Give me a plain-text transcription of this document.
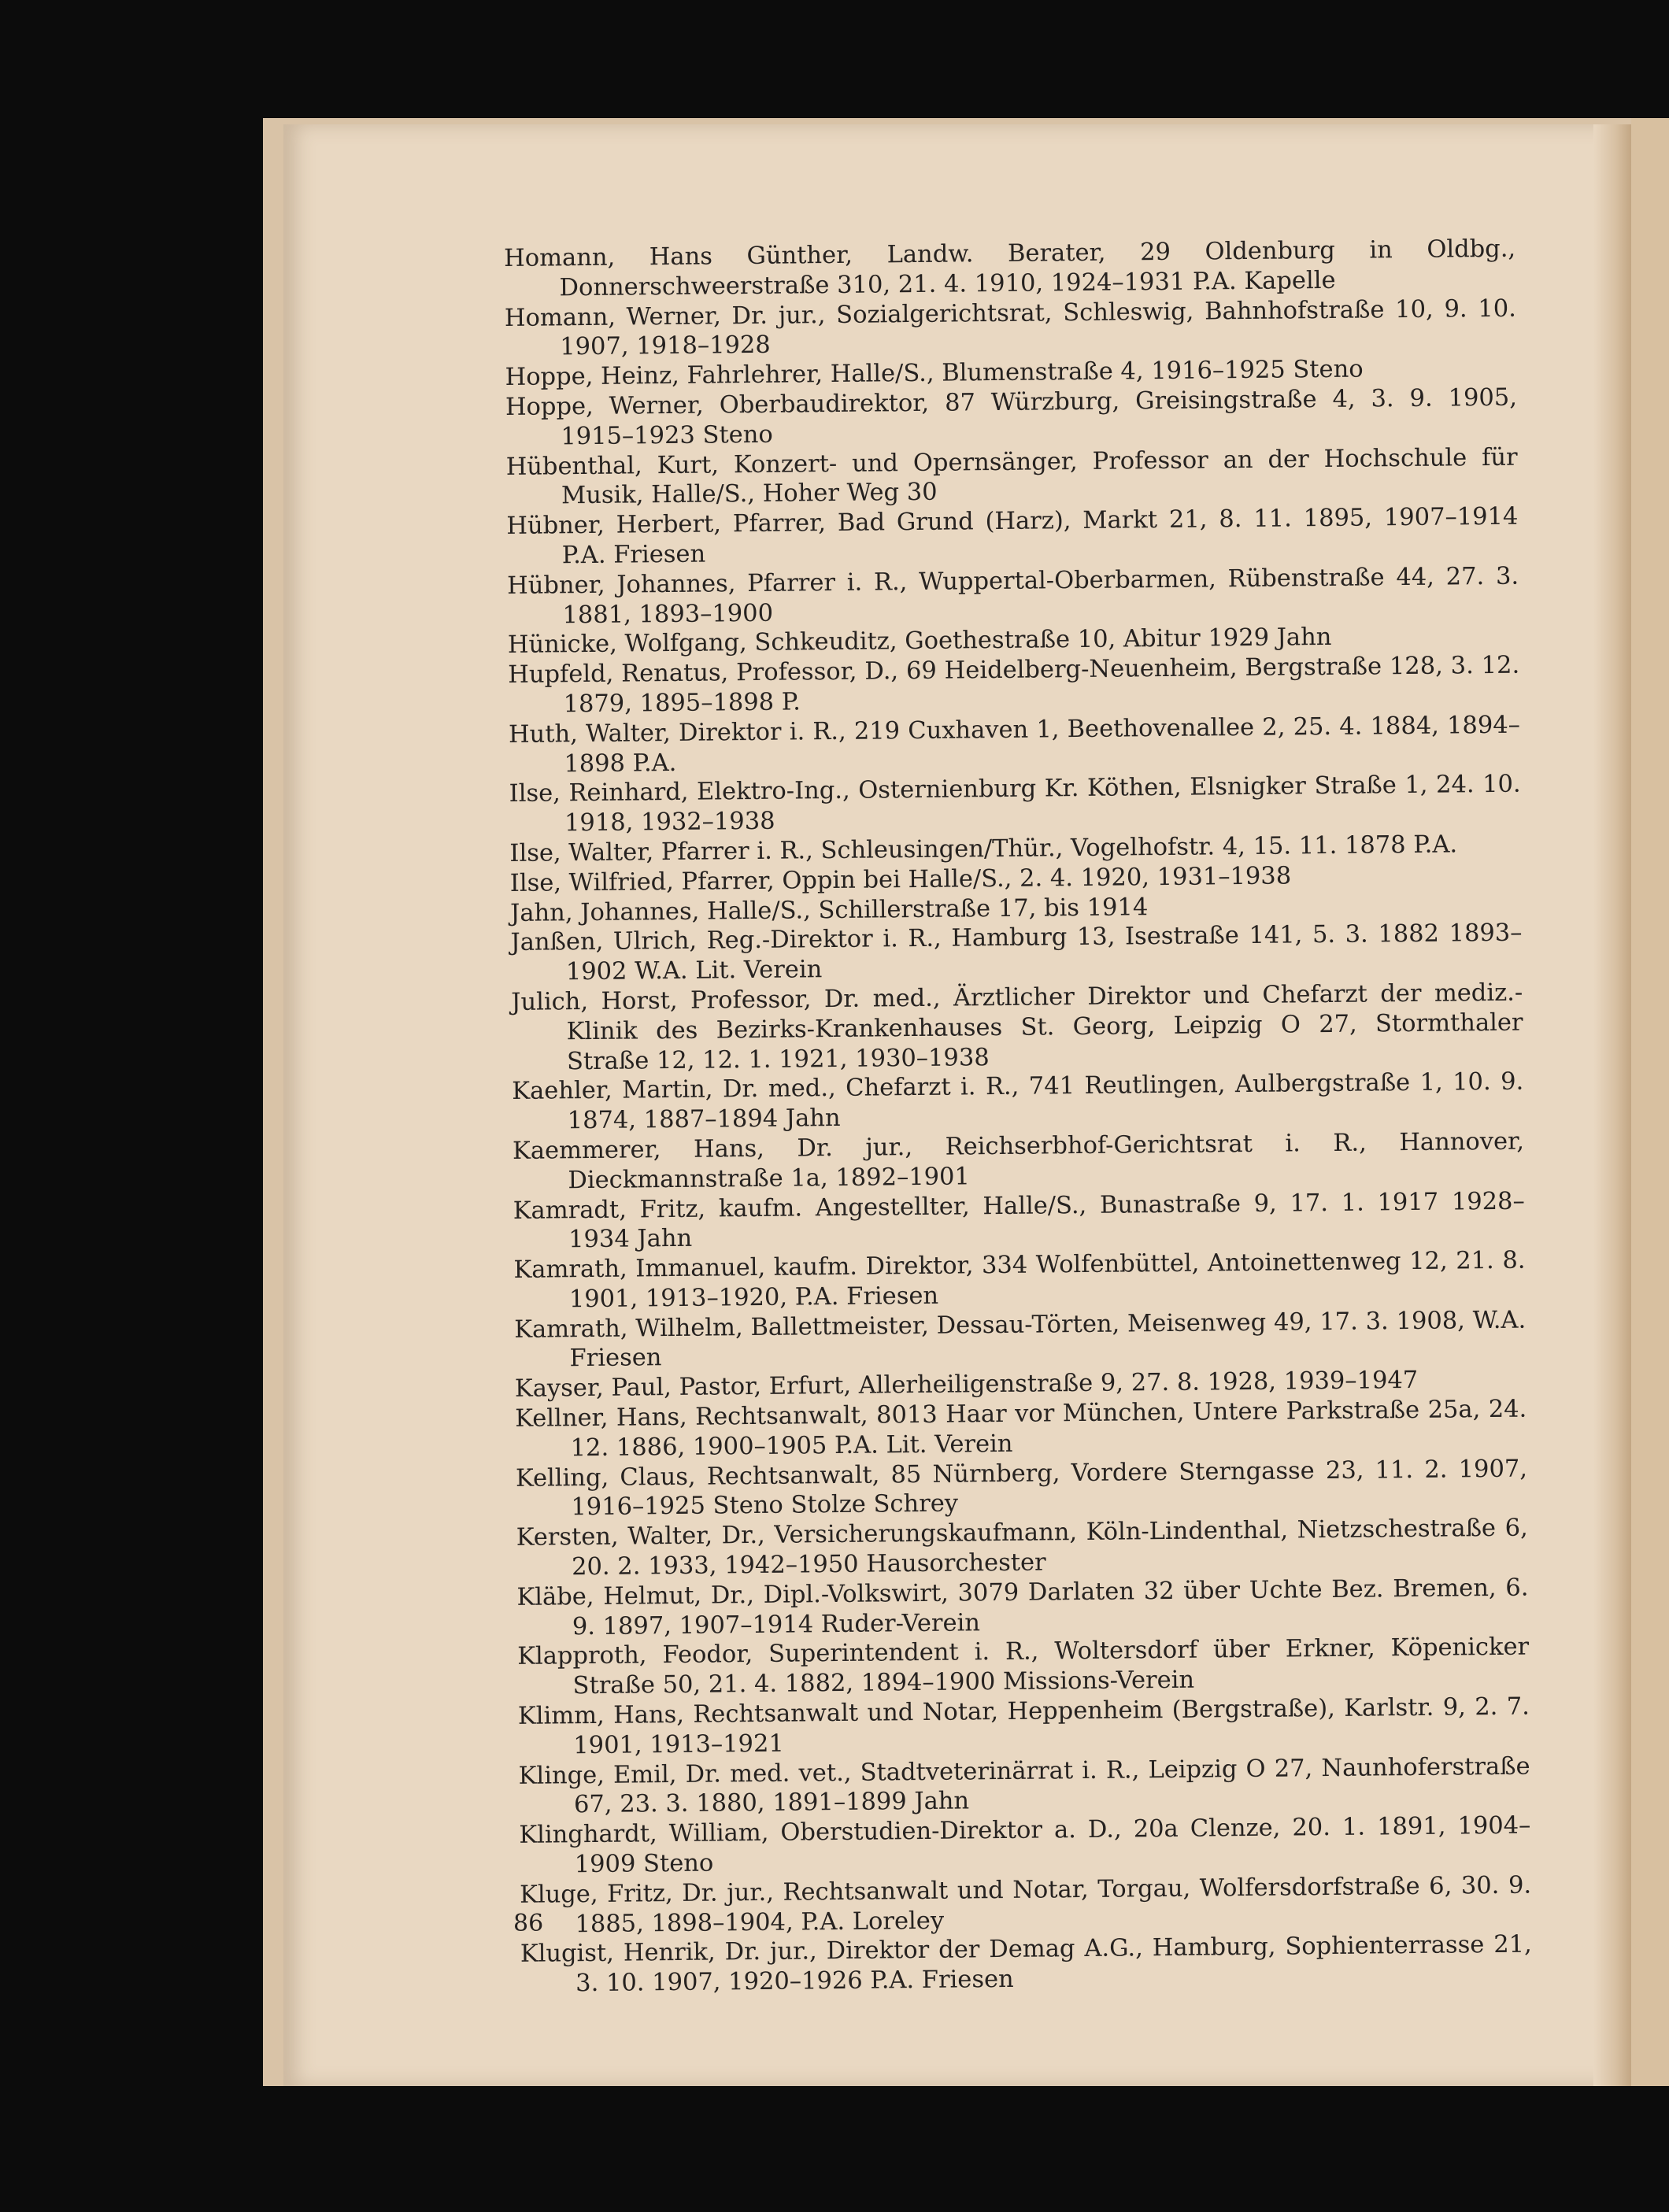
Homann, Hans Günther, Landw. Berater, 29 Oldenburg in Oldbg., Donnerschweerstraße 310, 21. 4. 1910, 1924–1931 P.A. Kapelle
Homann, Werner, Dr. jur., Sozialgerichtsrat, Schleswig, Bahnhofstraße 10, 9. 10. 1907, 1918–1928
Hoppe, Heinz, Fahrlehrer, Halle/S., Blumenstraße 4, 1916–1925 Steno
Hoppe, Werner, Oberbaudirektor, 87 Würzburg, Greisingstraße 4, 3. 9. 1905, 1915–1923 Steno
Hübenthal, Kurt, Konzert- und Opernsänger, Professor an der Hochschule für Musik, Halle/S., Hoher Weg 30
Hübner, Herbert, Pfarrer, Bad Grund (Harz), Markt 21, 8. 11. 1895, 1907–1914 P.A. Friesen
Hübner, Johannes, Pfarrer i. R., Wuppertal-Oberbarmen, Rübenstraße 44, 27. 3. 1881, 1893–1900
Hünicke, Wolfgang, Schkeuditz, Goethestraße 10, Abitur 1929 Jahn
Hupfeld, Renatus, Professor, D., 69 Heidelberg-Neuenheim, Bergstraße 128, 3. 12. 1879, 1895–1898 P.
Huth, Walter, Direktor i. R., 219 Cuxhaven 1, Beethovenallee 2, 25. 4. 1884, 1894–1898 P.A.
Ilse, Reinhard, Elektro-Ing., Osternienburg Kr. Köthen, Elsnigker Straße 1, 24. 10. 1918, 1932–1938
Ilse, Walter, Pfarrer i. R., Schleusingen/Thür., Vogelhofstr. 4, 15. 11. 1878 P.A.
Ilse, Wilfried, Pfarrer, Oppin bei Halle/S., 2. 4. 1920, 1931–1938
Jahn, Johannes, Halle/S., Schillerstraße 17, bis 1914
Janßen, Ulrich, Reg.-Direktor i. R., Hamburg 13, Isestraße 141, 5. 3. 1882 1893–1902 W.A. Lit. Verein
Julich, Horst, Professor, Dr. med., Ärztlicher Direktor und Chefarzt der mediz.-Klinik des Bezirks-Krankenhauses St. Georg, Leipzig O 27, Stormthaler Straße 12, 12. 1. 1921, 1930–1938
Kaehler, Martin, Dr. med., Chefarzt i. R., 741 Reutlingen, Aulbergstraße 1, 10. 9. 1874, 1887–1894 Jahn
Kaemmerer, Hans, Dr. jur., Reichserbhof-Gerichtsrat i. R., Hannover, Dieckmannstraße 1a, 1892–1901
Kamradt, Fritz, kaufm. Angestellter, Halle/S., Bunastraße 9, 17. 1. 1917 1928–1934 Jahn
Kamrath, Immanuel, kaufm. Direktor, 334 Wolfenbüttel, Antoinettenweg 12, 21. 8. 1901, 1913–1920, P.A. Friesen
Kamrath, Wilhelm, Ballettmeister, Dessau-Törten, Meisenweg 49, 17. 3. 1908, W.A. Friesen
Kayser, Paul, Pastor, Erfurt, Allerheiligenstraße 9, 27. 8. 1928, 1939–1947
Kellner, Hans, Rechtsanwalt, 8013 Haar vor München, Untere Parkstraße 25a, 24. 12. 1886, 1900–1905 P.A. Lit. Verein
Kelling, Claus, Rechtsanwalt, 85 Nürnberg, Vordere Sterngasse 23, 11. 2. 1907, 1916–1925 Steno Stolze Schrey
Kersten, Walter, Dr., Versicherungskaufmann, Köln-Lindenthal, Nietzschestraße 6, 20. 2. 1933, 1942–1950 Hausorchester
Kläbe, Helmut, Dr., Dipl.-Volkswirt, 3079 Darlaten 32 über Uchte Bez. Bremen, 6. 9. 1897, 1907–1914 Ruder-Verein
Klapproth, Feodor, Superintendent i. R., Woltersdorf über Erkner, Köpenicker Straße 50, 21. 4. 1882, 1894–1900 Missions-Verein
Klimm, Hans, Rechtsanwalt und Notar, Heppenheim (Bergstraße), Karlstr. 9, 2. 7. 1901, 1913–1921
Klinge, Emil, Dr. med. vet., Stadtveterinärrat i. R., Leipzig O 27, Naunhoferstraße 67, 23. 3. 1880, 1891–1899 Jahn
Klinghardt, William, Oberstudien-Direktor a. D., 20a Clenze, 20. 1. 1891, 1904–1909 Steno
Kluge, Fritz, Dr. jur., Rechtsanwalt und Notar, Torgau, Wolfersdorfstraße 6, 30. 9. 1885, 1898–1904, P.A. Loreley
Klugist, Henrik, Dr. jur., Direktor der Demag A.G., Hamburg, Sophienterrasse 21, 3. 10. 1907, 1920–1926 P.A. Friesen
86
